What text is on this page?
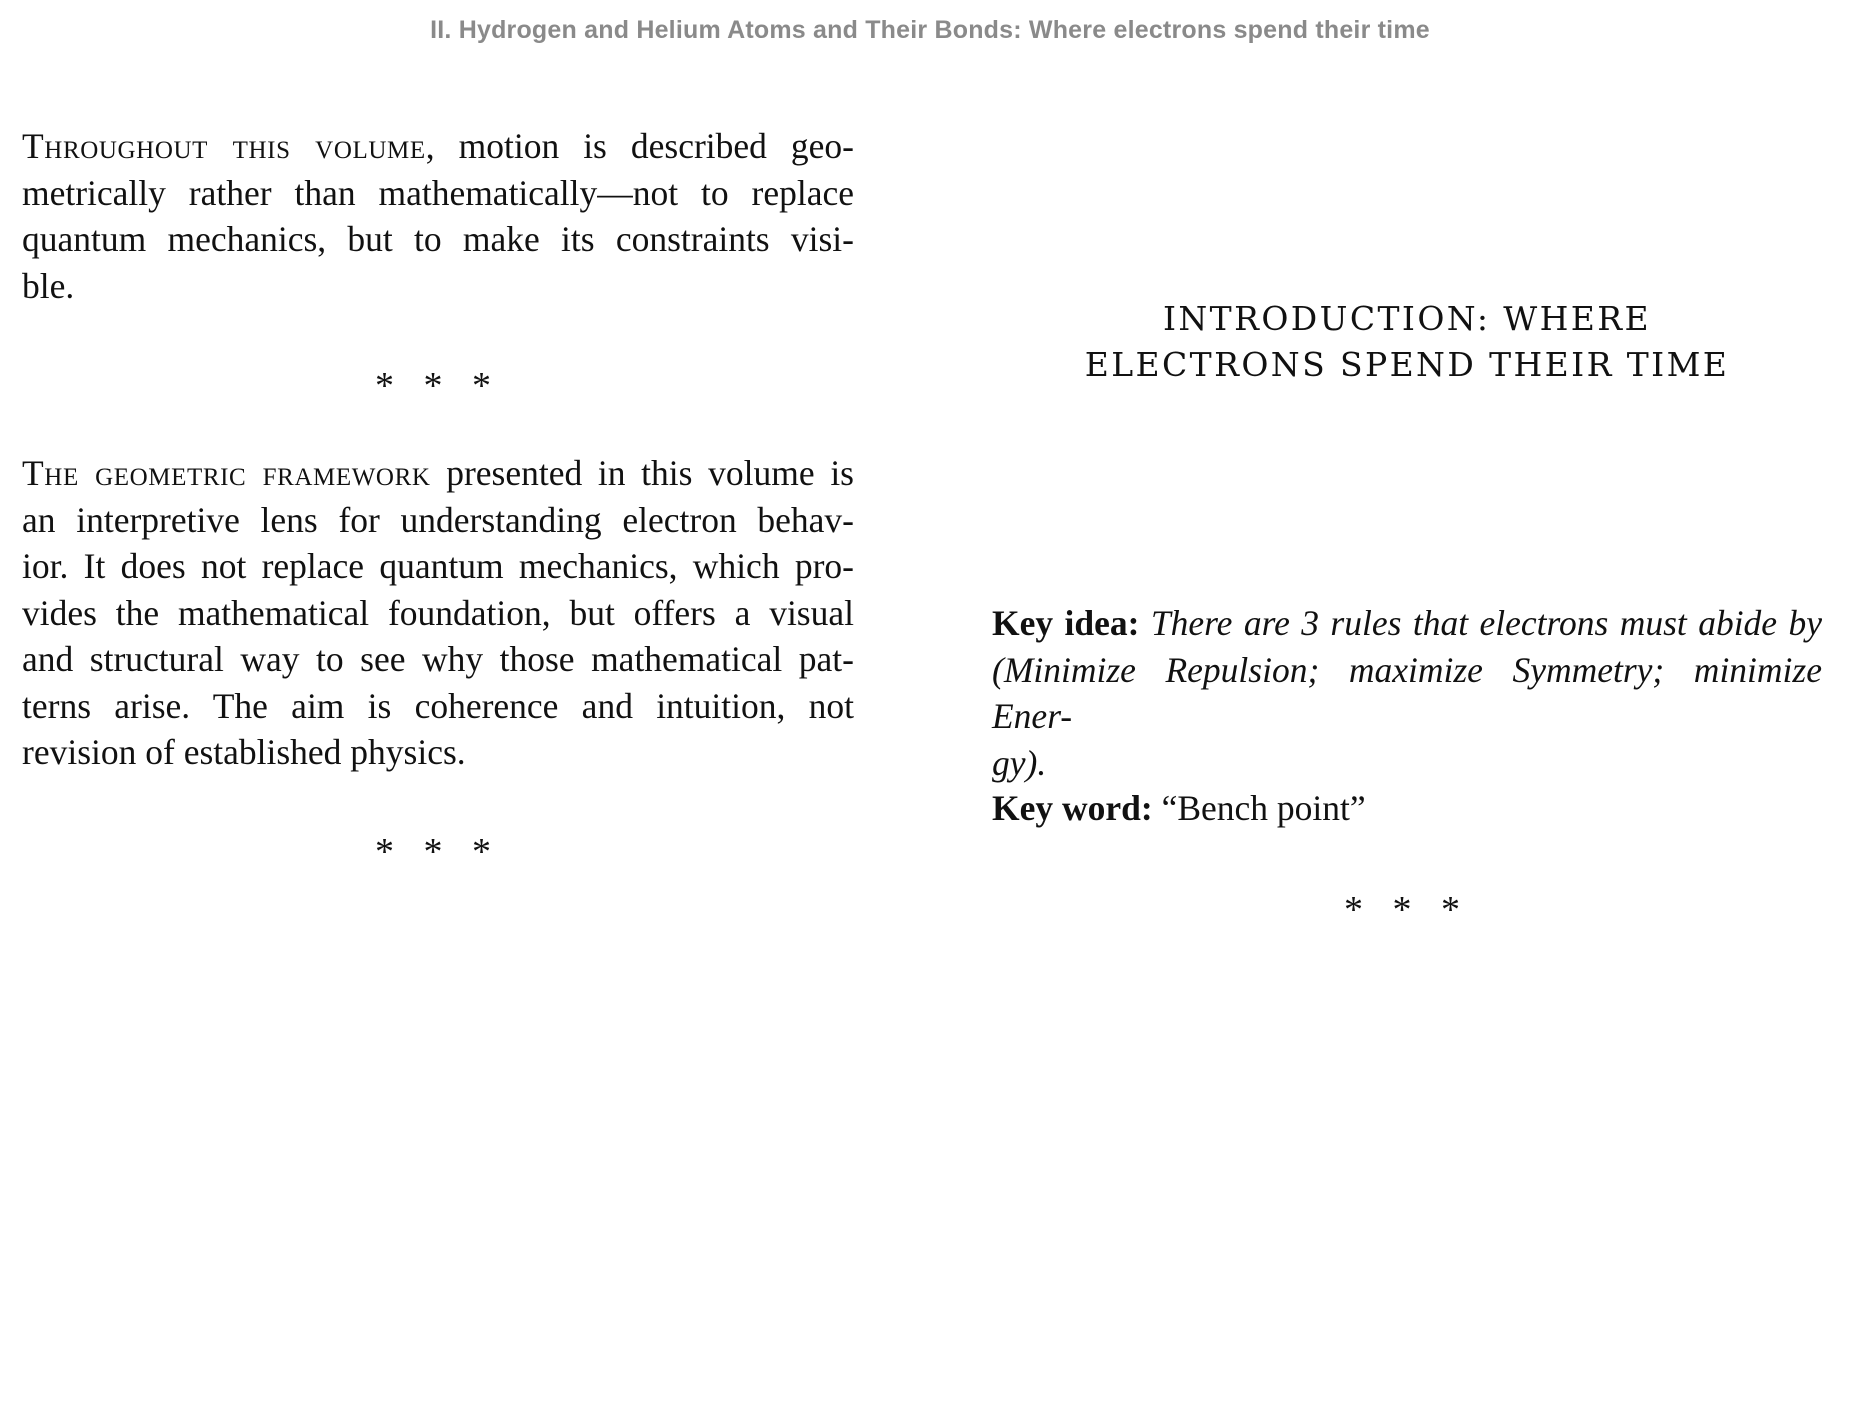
II. Hydrogen and Helium Atoms and Their Bonds: Where electrons spend their time

Throughout this volume, motion is described geo-
metrically rather than mathematically—not to replace
quantum mechanics, but to make its constraints visi-
ble.

* * *

The geometric framework presented in this volume is
an interpretive lens for understanding electron behav-
ior. It does not replace quantum mechanics, which pro-
vides the mathematical foundation, but offers a visual
and structural way to see why those mathematical pat-
terns arise. The aim is coherence and intuition, not
revision of established physics.

* * *
INTRODUCTION: WHERE
ELECTRONS SPEND THEIR TIME

Key idea: There are 3 rules that electrons must abide by
(Minimize Repulsion; maximize Symmetry; minimize Ener-
gy).

Key word: “Bench point”

* * *
